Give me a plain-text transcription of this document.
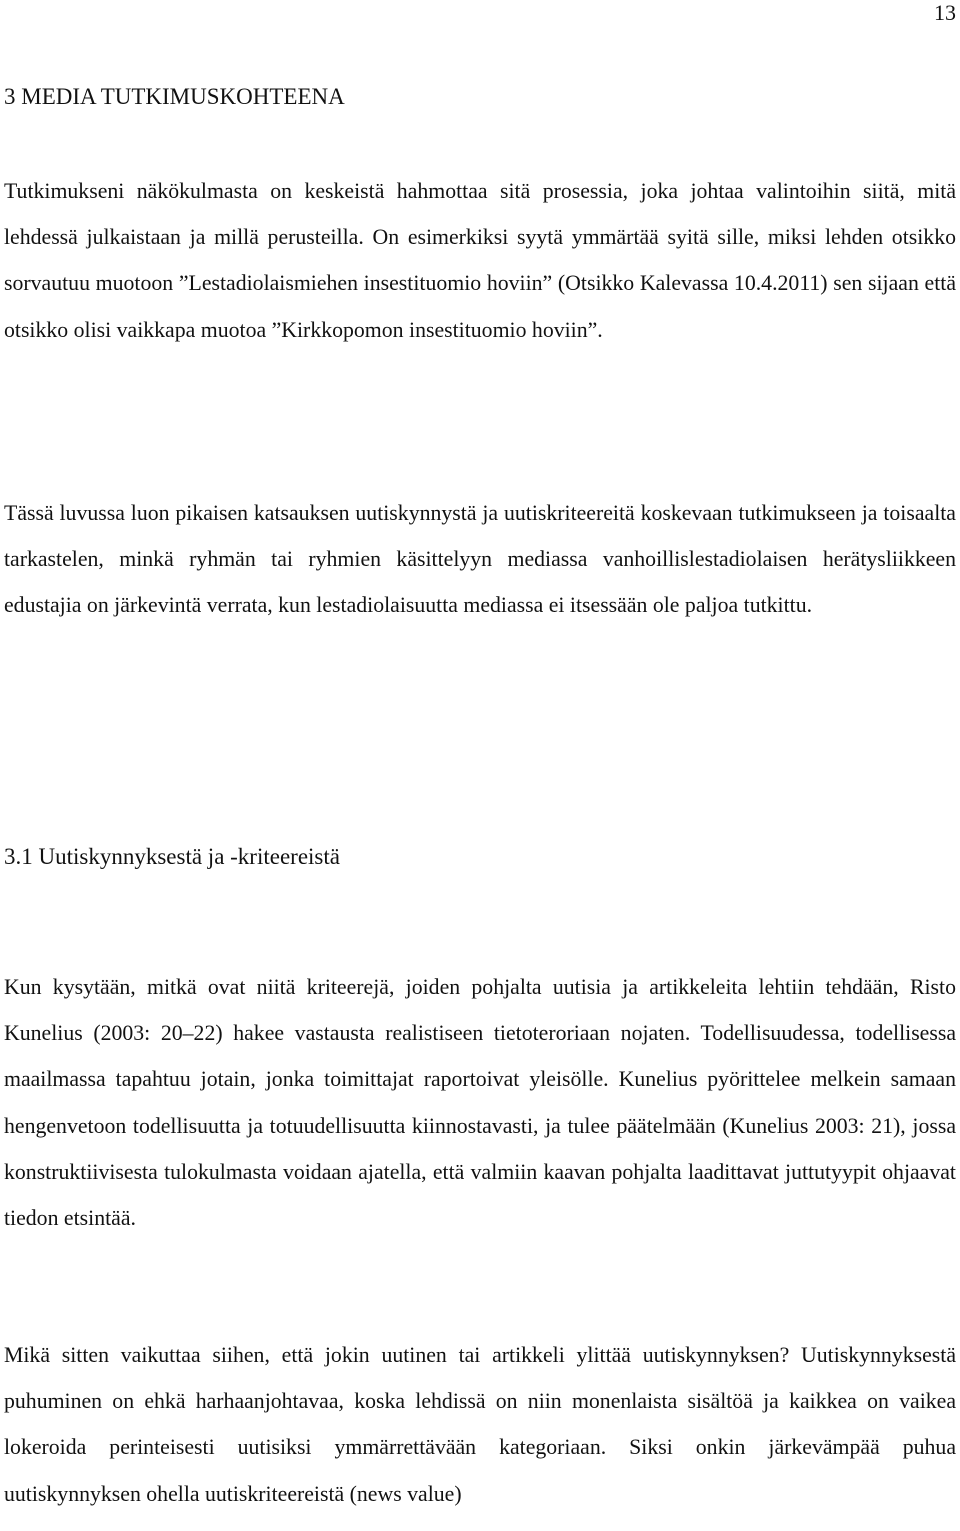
13
3 MEDIA TUTKIMUSKOHTEENA

Tutkimukseni näkökulmasta on keskeistä hahmottaa sitä prosessia, joka johtaa valintoihin siitä, mitä lehdessä julkaistaan ja millä perusteilla. On esimerkiksi syytä ymmärtää syitä sille, miksi lehden otsikko sorvautuu muotoon ”Lestadiolaismiehen insestituomio hoviin” (Otsikko Kalevassa 10.4.2011) sen sijaan että otsikko olisi vaikkapa muotoa ”Kirkkopomon insestituomio hoviin”.

Tässä luvussa luon pikaisen katsauksen uutiskynnystä ja uutiskriteereitä koskevaan tutkimukseen ja toisaalta tarkastelen, minkä ryhmän tai ryhmien käsittelyyn mediassa vanhoillislestadiolaisen herätysliikkeen edustajia on järkevintä verrata, kun lestadiolaisuutta mediassa ei itsessään ole paljoa tutkittu.

3.1 Uutiskynnyksestä ja -kriteereistä

Kun kysytään, mitkä ovat niitä kriteerejä, joiden pohjalta uutisia ja artikkeleita lehtiin tehdään, Risto Kunelius (2003: 20–22) hakee vastausta realistiseen tietoteroriaan nojaten. Todellisuudessa, todellisessa maailmassa tapahtuu jotain, jonka toimittajat raportoivat yleisölle. Kunelius pyörittelee melkein samaan hengenvetoon todellisuutta ja totuudellisuutta kiinnostavasti, ja tulee päätelmään (Kunelius 2003: 21), jossa konstruktiivisesta tulokulmasta voidaan ajatella, että valmiin kaavan pohjalta laadittavat juttutyypit ohjaavat tiedon etsintää.

Mikä sitten vaikuttaa siihen, että jokin uutinen tai artikkeli ylittää uutiskynnyksen? Uutiskynnyksestä puhuminen on ehkä harhaanjohtavaa, koska lehdissä on niin monenlaista sisältöä ja kaikkea on vaikea lokeroida perinteisesti uutisiksi ymmärrettävään kategoriaan. Siksi onkin järkevämpää puhua uutiskynnyksen ohella uutiskriteereistä (news value)
